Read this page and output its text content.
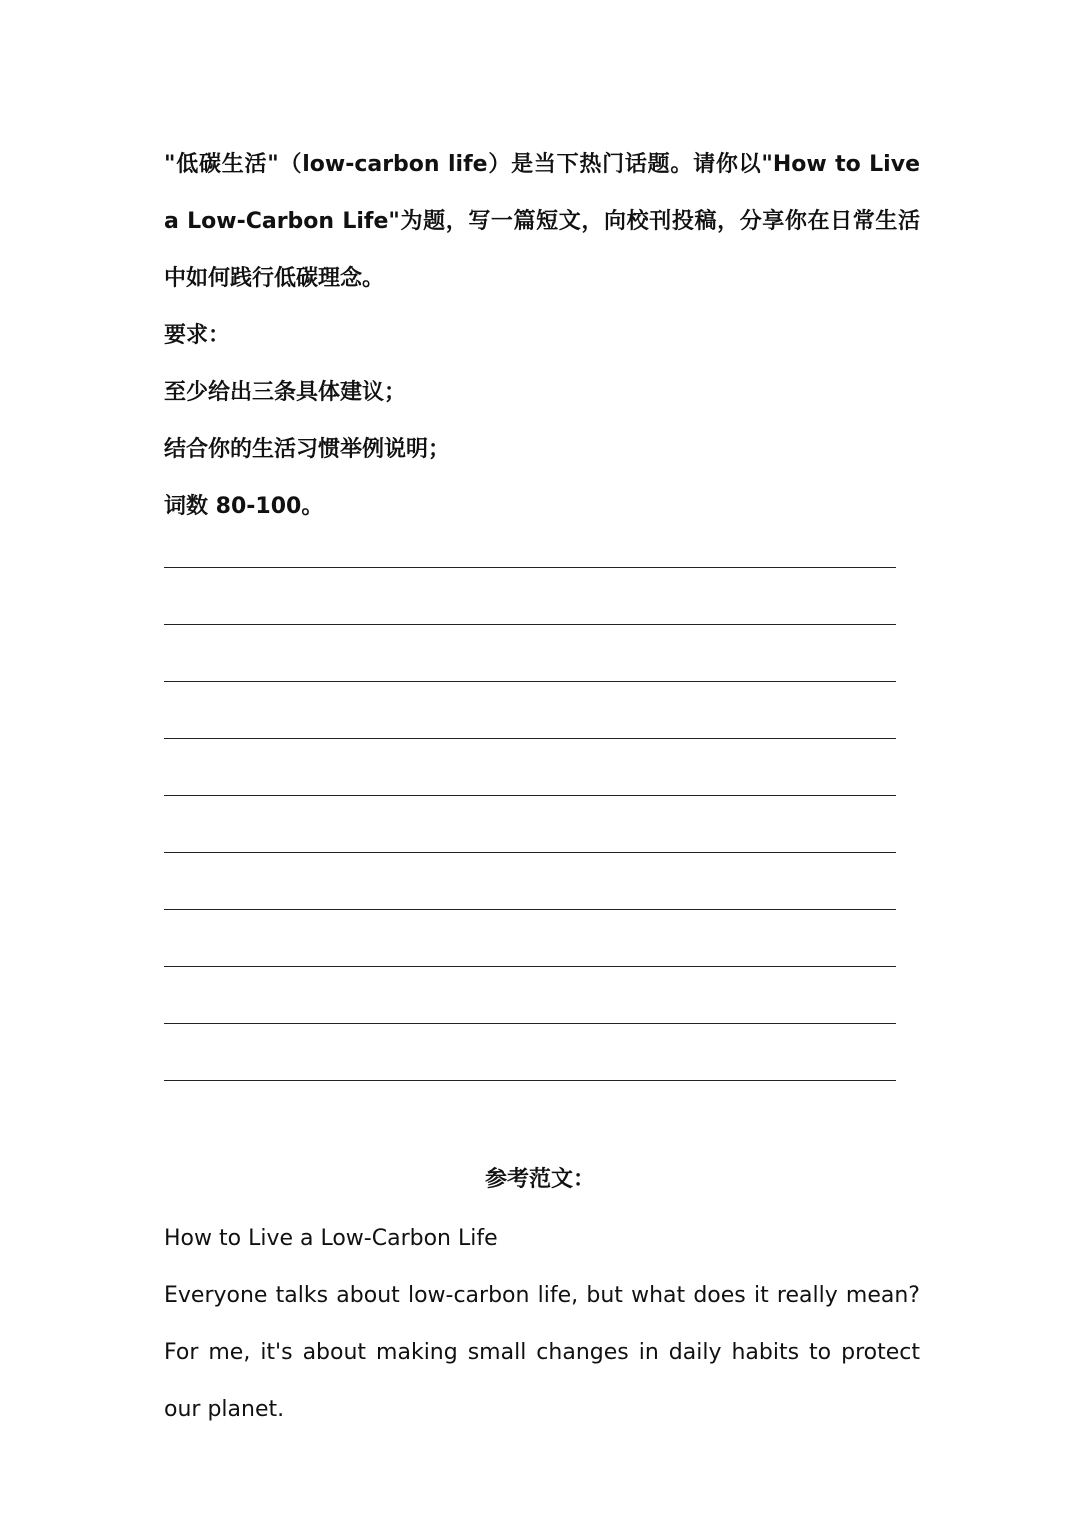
"低碳生活"（low-carbon life）是当下热门话题。请你以"How to Live a Low-Carbon Life"为题，写一篇短文，向校刊投稿，分享你在日常生活中如何践行低碳理念。

要求：

至少给出三条具体建议；

结合你的生活习惯举例说明；

词数 80-100。

参考范文：

How to Live a Low-Carbon Life

Everyone talks about low-carbon life, but what does it really mean? For me, it's about making small changes in daily habits to protect our planet.
